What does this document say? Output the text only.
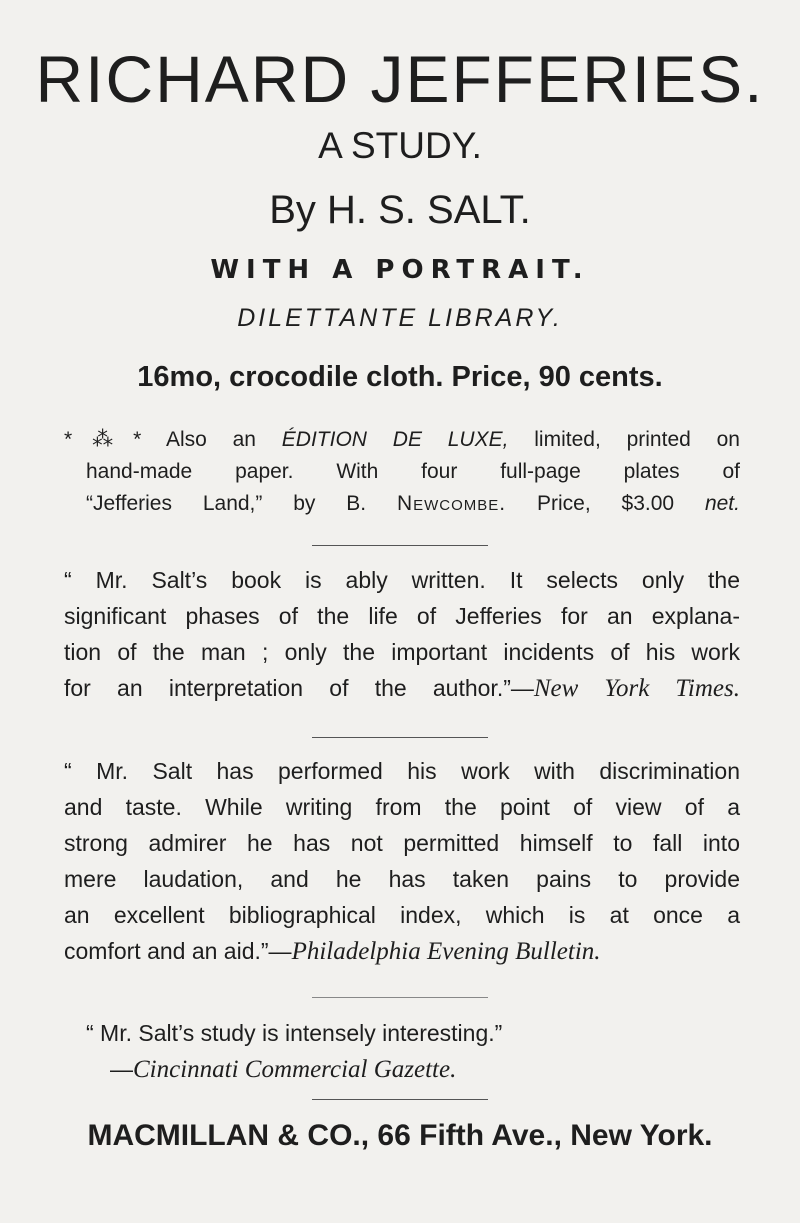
RICHARD JEFFERIES.
A STUDY.
By H. S. SALT.
WITH A PORTRAIT.
DILETTANTE LIBRARY.
16mo, crocodile cloth. Price, 90 cents.
*⁂* Also an ÉDITION DE LUXE, limited, printed on
hand-made paper. With four full-page plates of
“Jefferies Land,” by B. Newcombe. Price, $3.00 net.
“ Mr. Salt’s book is ably written. It selects only the
significant phases of the life of Jefferies for an explana-
tion of the man ; only the important incidents of his work
for an interpretation of the author.”—New York Times.
“ Mr. Salt has performed his work with discrimination
and taste. While writing from the point of view of a
strong admirer he has not permitted himself to fall into
mere laudation, and he has taken pains to provide
an excellent bibliographical index, which is at once a
comfort and an aid.”—Philadelphia Evening Bulletin.
“ Mr. Salt’s study is intensely interesting.”
—Cincinnati Commercial Gazette.
MACMILLAN & CO., 66 Fifth Ave., New York.
